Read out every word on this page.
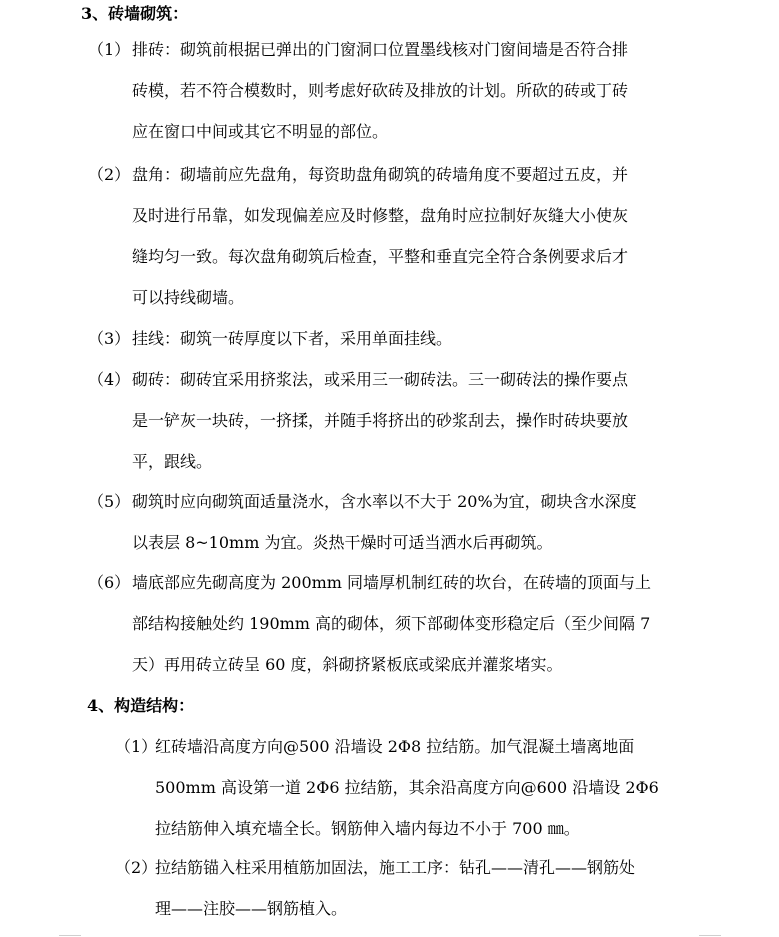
3、砖墙砌筑：
（1） 排砖：砌筑前根据已弹出的门窗洞口位置墨线核对门窗间墙是否符合排
砖模，若不符合模数时，则考虑好砍砖及排放的计划。所砍的砖或丁砖
应在窗口中间或其它不明显的部位。
（2） 盘角：砌墙前应先盘角，每资助盘角砌筑的砖墙角度不要超过五皮，并
及时进行吊靠，如发现偏差应及时修整，盘角时应拉制好灰缝大小使灰
缝均匀一致。每次盘角砌筑后检查，平整和垂直完全符合条例要求后才
可以持线砌墙。
（3） 挂线：砌筑一砖厚度以下者，采用单面挂线。
（4） 砌砖：砌砖宜采用挤浆法，或采用三一砌砖法。三一砌砖法的操作要点
是一铲灰一块砖，一挤揉，并随手将挤出的砂浆刮去，操作时砖块要放
平，跟线。
（5） 砌筑时应向砌筑面适量浇水，含水率以不大于 20%为宜，砌块含水深度
以表层 8~10mm 为宜。炎热干燥时可适当洒水后再砌筑。
（6） 墙底部应先砌高度为 200mm 同墙厚机制红砖的坎台，在砖墙的顶面与上
部结构接触处约 190mm 高的砌体，须下部砌体变形稳定后（至少间隔 7
天）再用砖立砖呈 60 度，斜砌挤紧板底或梁底并灌浆堵实。
4、构造结构：
（1）
红砖墙沿高度方向@500 沿墙设 2Φ8 拉结筋。加气混凝土墙离地面
500mm 高设第一道 2Φ6 拉结筋，其余沿高度方向@600 沿墙设 2Φ6
拉结筋伸入填充墙全长。钢筋伸入墙内每边不小于 700 ㎜。
（2）
拉结筋锚入柱采用植筋加固法，施工工序：钻孔——清孔——钢筋处
理——注胶——钢筋植入。
